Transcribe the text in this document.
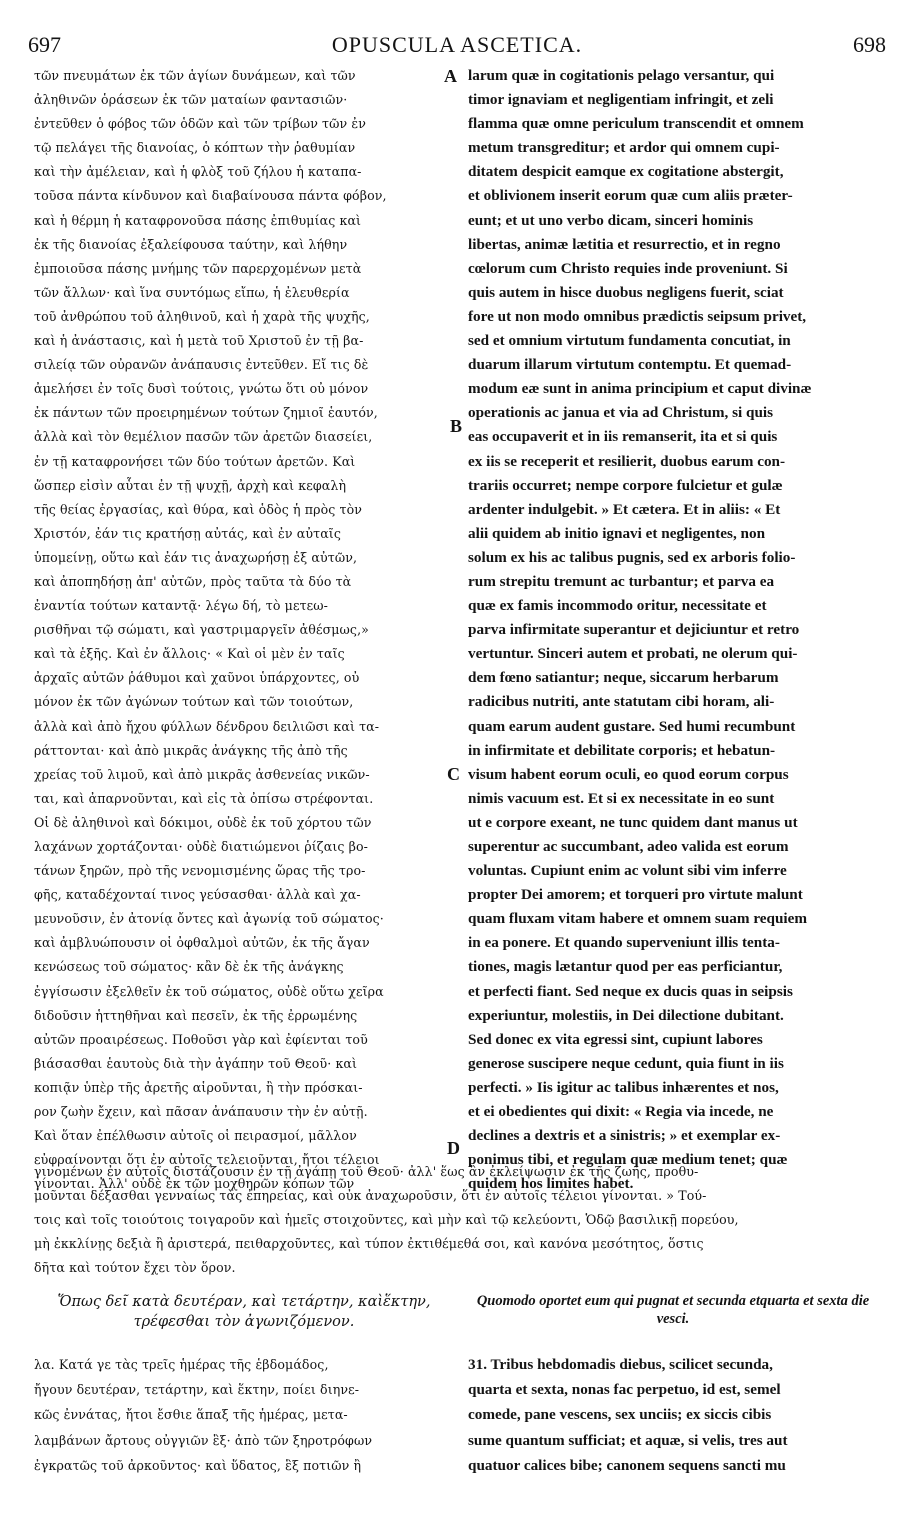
697	OPUSCULA ASCETICA.	698
A
B
C
D
τῶν πνευμάτων ἐκ τῶν ἁγίων δυνάμεων, καὶ τῶν
ἀληθινῶν ὁράσεων ἐκ τῶν ματαίων φαντασιῶν·
ἐντεῦθεν ὁ φόβος τῶν ὁδῶν καὶ τῶν τρίβων τῶν ἐν
τῷ πελάγει τῆς διανοίας, ὁ κόπτων τὴν ῥαθυμίαν
καὶ τὴν ἀμέλειαν, καὶ ἡ φλὸξ τοῦ ζήλου ἡ καταπα-
τοῦσα πάντα κίνδυνον καὶ διαβαίνουσα πάντα φόβον,
καὶ ἡ θέρμη ἡ καταφρονοῦσα πάσης ἐπιθυμίας καὶ
ἐκ τῆς διανοίας ἐξαλείφουσα ταύτην, καὶ λήθην
ἐμποιοῦσα πάσης μνήμης τῶν παρερχομένων μετὰ
τῶν ἄλλων· καὶ ἵνα συντόμως εἴπω, ἡ ἐλευθερία
τοῦ ἀνθρώπου τοῦ ἀληθινοῦ, καὶ ἡ χαρὰ τῆς ψυχῆς,
καὶ ἡ ἀνάστασις, καὶ ἡ μετὰ τοῦ Χριστοῦ ἐν τῇ βα-
σιλείᾳ τῶν οὐρανῶν ἀνάπαυσις ἐντεῦθεν. Εἴ τις δὲ
ἀμελήσει ἐν τοῖς δυσὶ τούτοις, γνώτω ὅτι οὐ μόνον
ἐκ πάντων τῶν προειρημένων τούτων ζημιοῖ ἑαυτόν,
ἀλλὰ καὶ τὸν θεμέλιον πασῶν τῶν ἀρετῶν διασείει,
ἐν τῇ καταφρονήσει τῶν δύο τούτων ἀρετῶν. Καὶ
ὥσπερ εἰσὶν αὗται ἐν τῇ ψυχῇ, ἀρχὴ καὶ κεφαλὴ
τῆς θείας ἐργασίας, καὶ θύρα, καὶ ὁδὸς ἡ πρὸς τὸν
Χριστόν, ἐάν τις κρατήσῃ αὐτάς, καὶ ἐν αὐταῖς
ὑπομείνῃ, οὕτω καὶ ἐάν τις ἀναχωρήσῃ ἐξ αὐτῶν,
καὶ ἀποπηδήσῃ ἀπ' αὐτῶν, πρὸς ταῦτα τὰ δύο τὰ
ἐναντία τούτων καταντᾷ· λέγω δή, τὸ μετεω-
ρισθῆναι τῷ σώματι, καὶ γαστριμαργεῖν ἀθέσμως,»
καὶ τὰ ἑξῆς. Καὶ ἐν ἄλλοις· « Καὶ οἱ μὲν ἐν ταῖς
ἀρχαῖς αὐτῶν ῥάθυμοι καὶ χαῦνοι ὑπάρχοντες, οὐ
μόνον ἐκ τῶν ἀγώνων τούτων καὶ τῶν τοιούτων,
ἀλλὰ καὶ ἀπὸ ἤχου φύλλων δένδρου δειλιῶσι καὶ τα-
ράττονται· καὶ ἀπὸ μικρᾶς ἀνάγκης τῆς ἀπὸ τῆς
χρείας τοῦ λιμοῦ, καὶ ἀπὸ μικρᾶς ἀσθενείας νικῶν-
ται, καὶ ἀπαρνοῦνται, καὶ εἰς τὰ ὀπίσω στρέφονται.
Οἱ δὲ ἀληθινοὶ καὶ δόκιμοι, οὐδὲ ἐκ τοῦ χόρτου τῶν
λαχάνων χορτάζονται· οὐδὲ διατιώμενοι ῥίζαις βο-
τάνων ξηρῶν, πρὸ τῆς νενομισμένης ὥρας τῆς τρο-
φῆς, καταδέχονταί τινος γεύσασθαι· ἀλλὰ καὶ χα-
μευνοῦσιν, ἐν ἀτονίᾳ ὄντες καὶ ἀγωνίᾳ τοῦ σώματος·
καὶ ἀμβλυώπουσιν οἱ ὀφθαλμοὶ αὐτῶν, ἐκ τῆς ἄγαν
κενώσεως τοῦ σώματος· κἂν δὲ ἐκ τῆς ἀνάγκης
ἐγγίσωσιν ἐξελθεῖν ἐκ τοῦ σώματος, οὐδὲ οὕτω χεῖρα
διδοῦσιν ἡττηθῆναι καὶ πεσεῖν, ἐκ τῆς ἐρρωμένης
αὐτῶν προαιρέσεως. Ποθοῦσι γὰρ καὶ ἐφίενται τοῦ
βιάσασθαι ἑαυτοὺς διὰ τὴν ἀγάπην τοῦ Θεοῦ· καὶ
κοπιᾷν ὑπὲρ τῆς ἀρετῆς αἱροῦνται, ἢ τὴν πρόσκαι-
ρον ζωὴν ἔχειν, καὶ πᾶσαν ἀνάπαυσιν τὴν ἐν αὐτῇ.
Καὶ ὅταν ἐπέλθωσιν αὐτοῖς οἱ πειρασμοί, μᾶλλον
εὐφραίνονται ὅτι ἐν αὐτοῖς τελειοῦνται, ἤτοι τέλειοι
γίνονται. Ἀλλ' οὐδὲ ἐκ τῶν μοχθηρῶν κόπων τῶν
larum quæ in cogitationis pelago versantur, qui
timor ignaviam et negligentiam infringit, et zeli
flamma quæ omne periculum transcendit et omnem
metum transgreditur; et ardor qui omnem cupi-
ditatem despicit eamque ex cogitatione abstergit,
et oblivionem inserit eorum quæ cum aliis præter-
eunt; et ut uno verbo dicam, sinceri hominis
libertas, animæ lætitia et resurrectio, et in regno
cœlorum cum Christo requies inde proveniunt. Si
quis autem in hisce duobus negligens fuerit, sciat
fore ut non modo omnibus prædictis seipsum privet,
sed et omnium virtutum fundamenta concutiat, in
duarum illarum virtutum contemptu. Et quemad-
modum eæ sunt in anima principium et caput divinæ
operationis ac janua et via ad Christum, si quis
eas occupaverit et in iis remanserit, ita et si quis
ex iis se receperit et resilierit, duobus earum con-
trariis occurret; nempe corpore fulcietur et gulæ
ardenter indulgebit. » Et cætera. Et in aliis: « Et
alii quidem ab initio ignavi et negligentes, non
solum ex his ac talibus pugnis, sed ex arboris folio-
rum strepitu tremunt ac turbantur; et parva ea
quæ ex famis incommodo oritur, necessitate et
parva infirmitate superantur et dejiciuntur et retro
vertuntur. Sinceri autem et probati, ne olerum qui-
dem fœno satiantur; neque, siccarum herbarum
radicibus nutriti, ante statutam cibi horam, ali-
quam earum audent gustare. Sed humi recumbunt
in infirmitate et debilitate corporis; et hebatun-
visum habent eorum oculi, eo quod eorum corpus
nimis vacuum est. Et si ex necessitate in eo sunt
ut e corpore exeant, ne tunc quidem dant manus ut
superentur ac succumbant, adeo valida est eorum
voluntas. Cupiunt enim ac volunt sibi vim inferre
propter Dei amorem; et torqueri pro virtute malunt
quam fluxam vitam habere et omnem suam requiem
in ea ponere. Et quando superveniunt illis tenta-
tiones, magis lætantur quod per eas perficiantur,
et perfecti fiant. Sed neque ex ducis quas in seipsis
experiuntur, molestiis, in Dei dilectione dubitant.
Sed donec ex vita egressi sint, cupiunt labores
generose suscipere neque cedunt, quia fiunt in iis
perfecti. » Iis igitur ac talibus inhærentes et nos,
et ei obedientes qui dixit: « Regia via incede, ne
declines a dextris et a sinistris; » et exemplar ex-
ponimus tibi, et regulam quæ medium tenet; quæ
quidem hos limites habet.
γινομένων ἐν αὐτοῖς διστάζουσιν ἐν τῇ ἀγάπῃ τοῦ Θεοῦ· ἀλλ' ἕως ἂν ἐκλείψωσιν ἐκ τῆς ζωῆς, προθυ-
μοῦνται δέξασθαι γενναίως τὰς ἐπηρείας, καὶ οὐκ ἀναχωροῦσιν, ὅτι ἐν αὐτοῖς τέλειοι γίνονται. » Τού-
τοις καὶ τοῖς τοιούτοις τοιγαροῦν καὶ ἡμεῖς στοιχοῦντες, καὶ μὴν καὶ τῷ κελεύοντι, Ὁδῷ βασιλικῇ πορεύου,
μὴ ἐκκλίνῃς δεξιὰ ἢ ἀριστερά, πειθαρχοῦντες, καὶ τύπον ἐκτιθέμεθά σοι, καὶ κανόνα μεσότητος, ὅστις
δῆτα καὶ τούτον ἔχει τὸν ὅρον.
Ὅπως δεῖ κατὰ δευτέραν, καὶ τετάρτην, καὶἕκτην, τρέφεσθαι τὸν ἀγωνιζόμενον.
Quomodo oportet eum qui pugnat et secunda etquarta et sexta die vesci.
λα. Κατά γε τὰς τρεῖς ἡμέρας τῆς ἑβδομάδος,
ἤγουν δευτέραν, τετάρτην, καὶ ἕκτην, ποίει διηνε-
κῶς ἐννάτας, ἤτοι ἔσθιε ἅπαξ τῆς ἡμέρας, μετα-
λαμβάνων ἄρτους οὐγγιῶν ἓξ· ἀπὸ τῶν ξηροτρόφων
ἐγκρατῶς τοῦ ἀρκοῦντος· καὶ ὕδατος, ἓξ ποτιῶν ἢ
31. Tribus hebdomadis diebus, scilicet secunda,
quarta et sexta, nonas fac perpetuo, id est, semel
comede, pane vescens, sex unciis; ex siccis cibis
sume quantum sufficiat; et aquæ, si velis, tres aut
quatuor calices bibe; canonem sequens sancti mu
